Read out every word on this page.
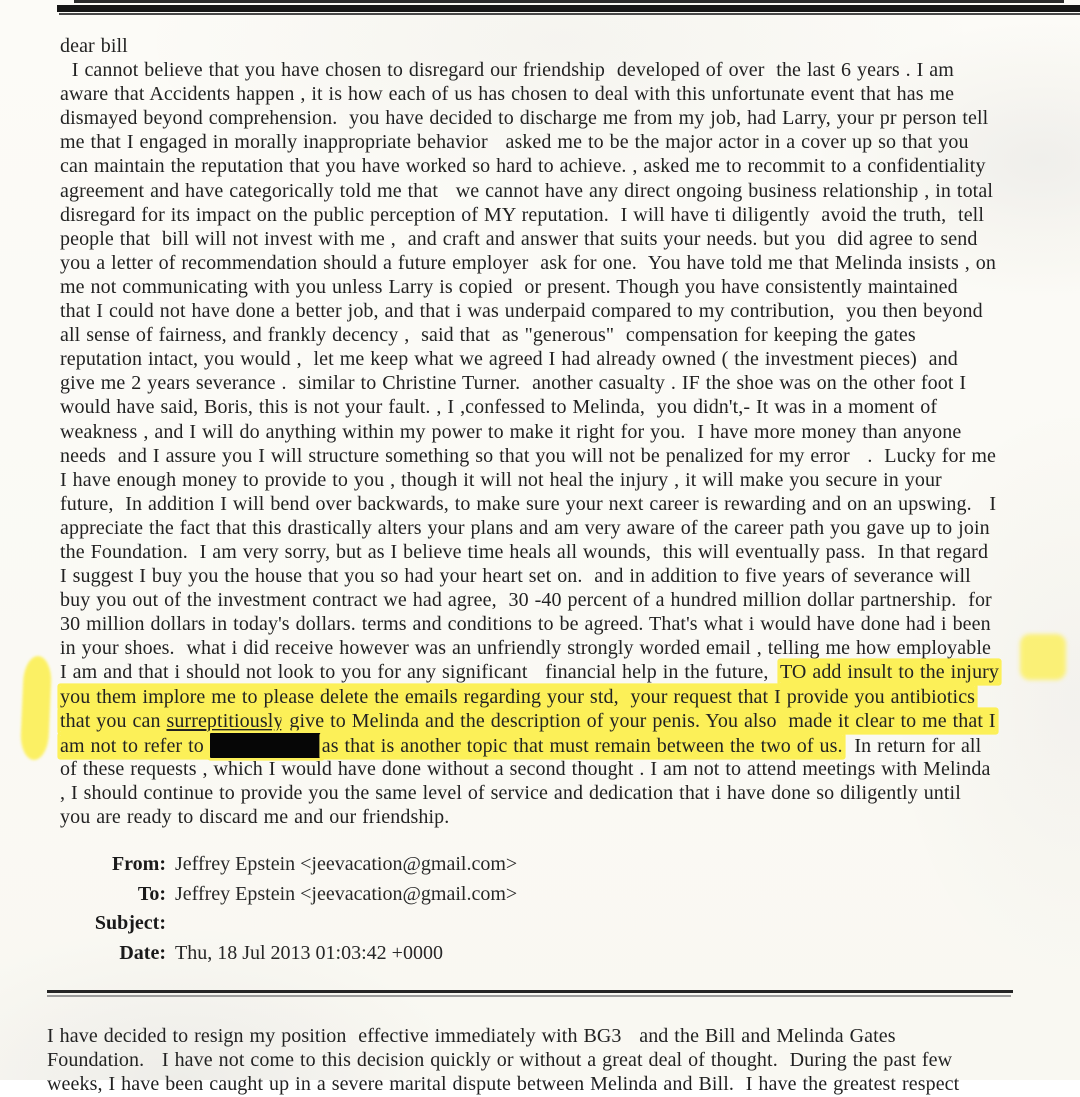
dear bill
I cannot believe that you have chosen to disregard our friendship  developed of over  the last 6 years . I am
aware that Accidents happen , it is how each of us has chosen to deal with this unfortunate event that has me
dismayed beyond comprehension.  you have decided to discharge me from my job, had Larry, your pr person tell
me that I engaged in morally inappropriate behavior   asked me to be the major actor in a cover up so that you
can maintain the reputation that you have worked so hard to achieve. , asked me to recommit to a confidentiality
agreement and have categorically told me that   we cannot have any direct ongoing business relationship , in total
disregard for its impact on the public perception of MY reputation.  I will have ti diligently  avoid the truth,  tell
people that  bill will not invest with me ,  and craft and answer that suits your needs. but you  did agree to send
you a letter of recommendation should a future employer  ask for one.  You have told me that Melinda insists , on
me not communicating with you unless Larry is copied  or present. Though you have consistently maintained
that I could not have done a better job, and that i was underpaid compared to my contribution,  you then beyond
all sense of fairness, and frankly decency ,  said that  as "generous"  compensation for keeping the gates
reputation intact, you would ,  let me keep what we agreed I had already owned ( the investment pieces)  and
give me 2 years severance .  similar to Christine Turner.  another casualty . IF the shoe was on the other foot I
would have said, Boris, this is not your fault. , I ,confessed to Melinda,  you didn't,- It was in a moment of
weakness , and I will do anything within my power to make it right for you.  I have more money than anyone
needs  and I assure you I will structure something so that you will not be penalized for my error   .  Lucky for me
I have enough money to provide to you , though it will not heal the injury , it will make you secure in your
future,  In addition I will bend over backwards, to make sure your next career is rewarding and on an upswing.   I
appreciate the fact that this drastically alters your plans and am very aware of the career path you gave up to join
the Foundation.  I am very sorry, but as I believe time heals all wounds,  this will eventually pass.  In that regard
I suggest I buy you the house that you so had your heart set on.  and in addition to five years of severance will
buy you out of the investment contract we had agree,  30 -40 percent of a hundred million dollar partnership.  for
30 million dollars in today's dollars. terms and conditions to be agreed. That's what i would have done had i been
in your shoes.  what i did receive however was an unfriendly strongly worded email , telling me how employable
I am and that i should not look to you for any significant   financial help in the future,  TO add insult to the injury
you them implore me to please delete the emails regarding your std,  your request that I provide you antibiotics
that you can surreptitiously give to Melinda and the description of your penis. You also  made it clear to me that I
am not to refer to	as that is another topic that must remain between the two of us.  In return for all
of these requests , which I would have done without a second thought . I am not to attend meetings with Melinda
, I should continue to provide you the same level of service and dedication that i have done so diligently until
you are ready to discard me and our friendship.
From: Jeffrey Epstein <jeevacation@gmail.com>
To: Jeffrey Epstein <jeevacation@gmail.com>
Subject:
Date: Thu, 18 Jul 2013 01:03:42 +0000
I have decided to resign my position  effective immediately with BG3   and the Bill and Melinda Gates
Foundation.   I have not come to this decision quickly or without a great deal of thought.  During the past few
weeks, I have been caught up in a severe marital dispute between Melinda and Bill.  I have the greatest respect
